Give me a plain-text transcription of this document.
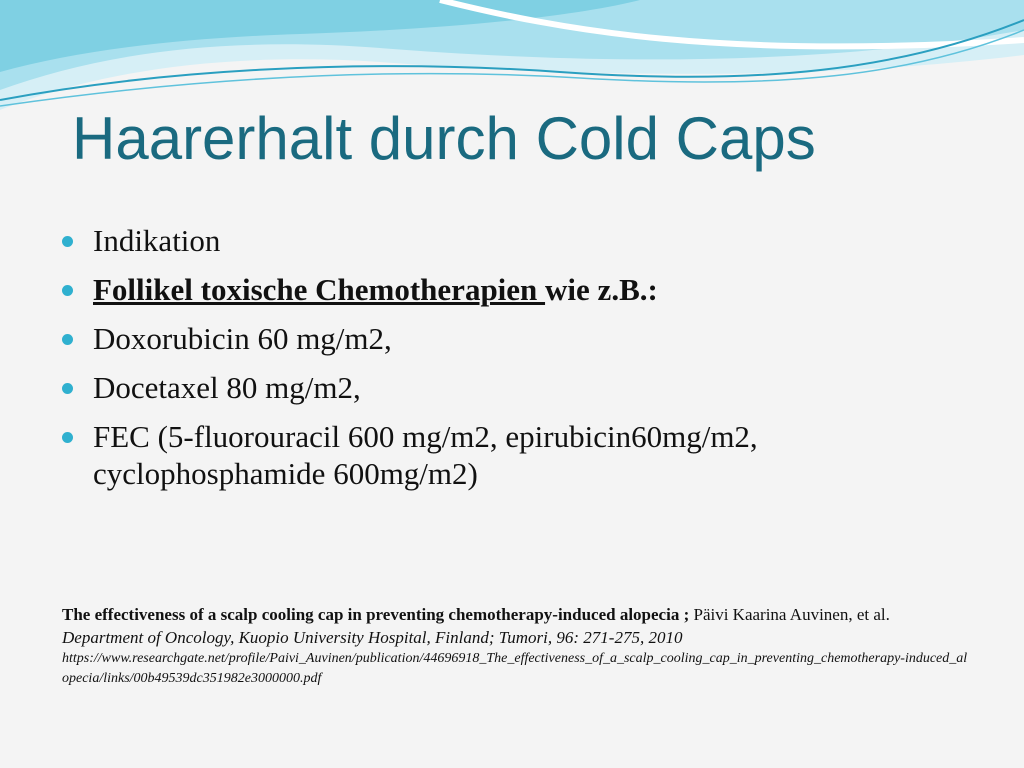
Haarerhalt durch Cold Caps
Indikation
Follikel toxische Chemotherapien wie z.B.:
Doxorubicin 60 mg/m2,
Docetaxel 80 mg/m2,
FEC (5-fluorouracil 600 mg/m2, epirubicin60mg/m2, cyclophosphamide 600mg/m2)
The effectiveness of a scalp cooling cap in preventing chemotherapy-induced alopecia ; Päivi Kaarina Auvinen, et al. Department of Oncology, Kuopio University Hospital, Finland; Tumori, 96: 271-275, 2010
https://www.researchgate.net/profile/Paivi_Auvinen/publication/44696918_The_effectiveness_of_a_scalp_cooling_cap_in_preventing_chemotherapy-induced_alopecia/links/00b49539dc351982e3000000.pdf
